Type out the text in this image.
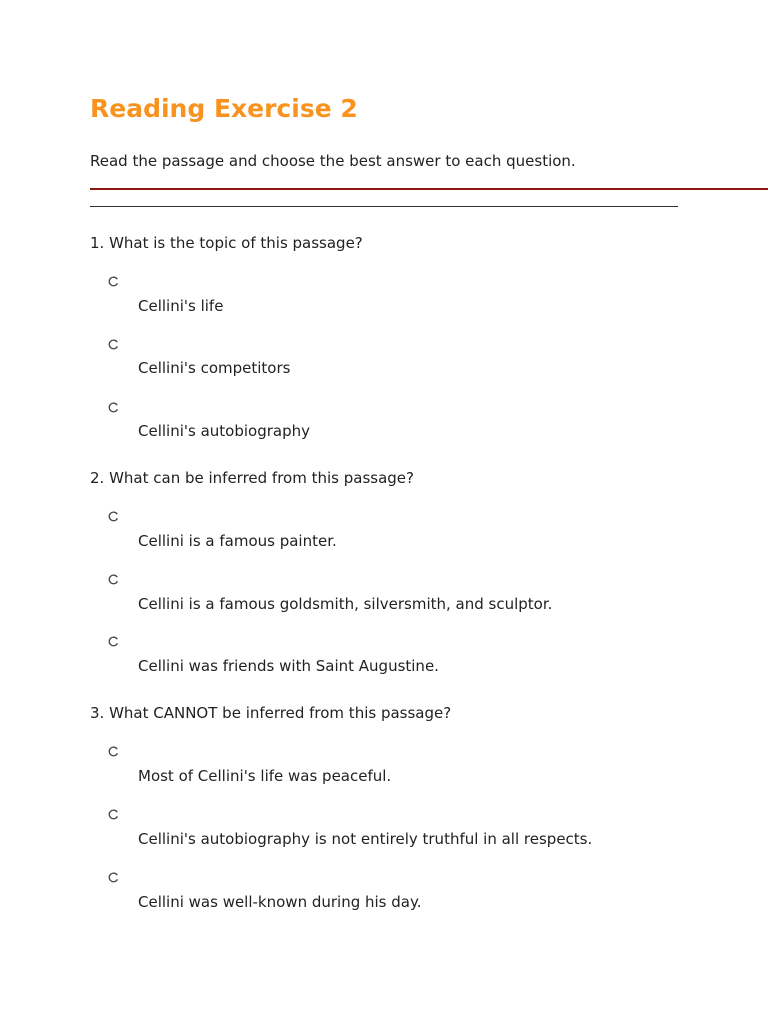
Reading Exercise 2
Read the passage and choose the best answer to each question.
1. What is the topic of this passage?
Cellini's life
Cellini's competitors
Cellini's autobiography
2. What can be inferred from this passage?
Cellini is a famous painter.
Cellini is a famous goldsmith, silversmith, and sculptor.
Cellini was friends with Saint Augustine.
3. What CANNOT be inferred from this passage?
Most of Cellini's life was peaceful.
Cellini's autobiography is not entirely truthful in all respects.
Cellini was well-known during his day.
